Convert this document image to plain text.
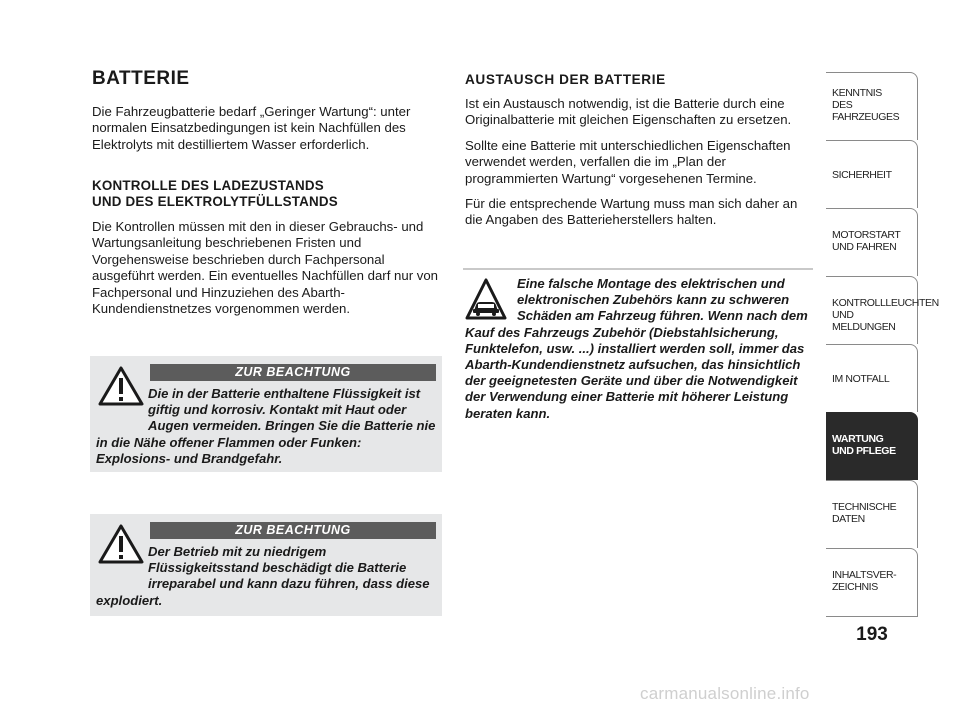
BATTERIE

Die Fahrzeugbatterie bedarf „Geringer Wartung“: unter normalen Einsatzbedingungen ist kein Nachfüllen des Elektrolyts mit destilliertem Wasser erforderlich.

KONTROLLE DES LADEZUSTANDS
UND DES ELEKTROLYTFÜLLSTANDS

Die Kontrollen müssen mit den in dieser Gebrauchs- und Wartungsanleitung beschriebenen Fristen und Vorgehensweise beschrieben durch Fachpersonal ausgeführt werden. Ein eventuelles Nachfüllen darf nur von Fachpersonal und Hinzuziehen des Abarth-Kundendienstnetzes vorgenommen werden.

ZUR BEACHTUNG

Die in der Batterie enthaltene Flüssigkeit ist giftig und korrosiv. Kontakt mit Haut oder Augen vermeiden. Bringen Sie die Batterie nie in die Nähe offener Flammen oder Funken: Explosions- und Brandgefahr.

ZUR BEACHTUNG

Der Betrieb mit zu niedrigem Flüssigkeitsstand beschädigt die Batterie irreparabel und kann dazu führen, dass diese explodiert.

AUSTAUSCH DER BATTERIE

Ist ein Austausch notwendig, ist die Batterie durch eine Originalbatterie mit gleichen Eigenschaften zu ersetzen.

Sollte eine Batterie mit unterschiedlichen Eigenschaften verwendet werden, verfallen die im „Plan der programmierten Wartung“ vorgesehenen Termine.

Für die entsprechende Wartung muss man sich daher an die Angaben des Batterieherstellers halten.

Eine falsche Montage des elektrischen und elektronischen Zubehörs kann zu schweren Schäden am Fahrzeug führen. Wenn nach dem Kauf des Fahrzeugs Zubehör (Diebstahlsicherung, Funktelefon, usw. ...) installiert werden soll, immer das Abarth-Kundendienstnetz aufsuchen, das hinsichtlich der geeignetesten Geräte und über die Notwendigkeit der Verwendung einer Batterie mit höherer Leistung beraten kann.

KENNTNIS
DES FAHRZEUGES
SICHERHEIT
MOTORSTART
UND FAHREN
KONTROLLLEUCHTEN
UND MELDUNGEN
IM NOTFALL
WARTUNG
UND PFLEGE
TECHNISCHE
DATEN
INHALTSVER-
ZEICHNIS
193
carmanualsonline.info
